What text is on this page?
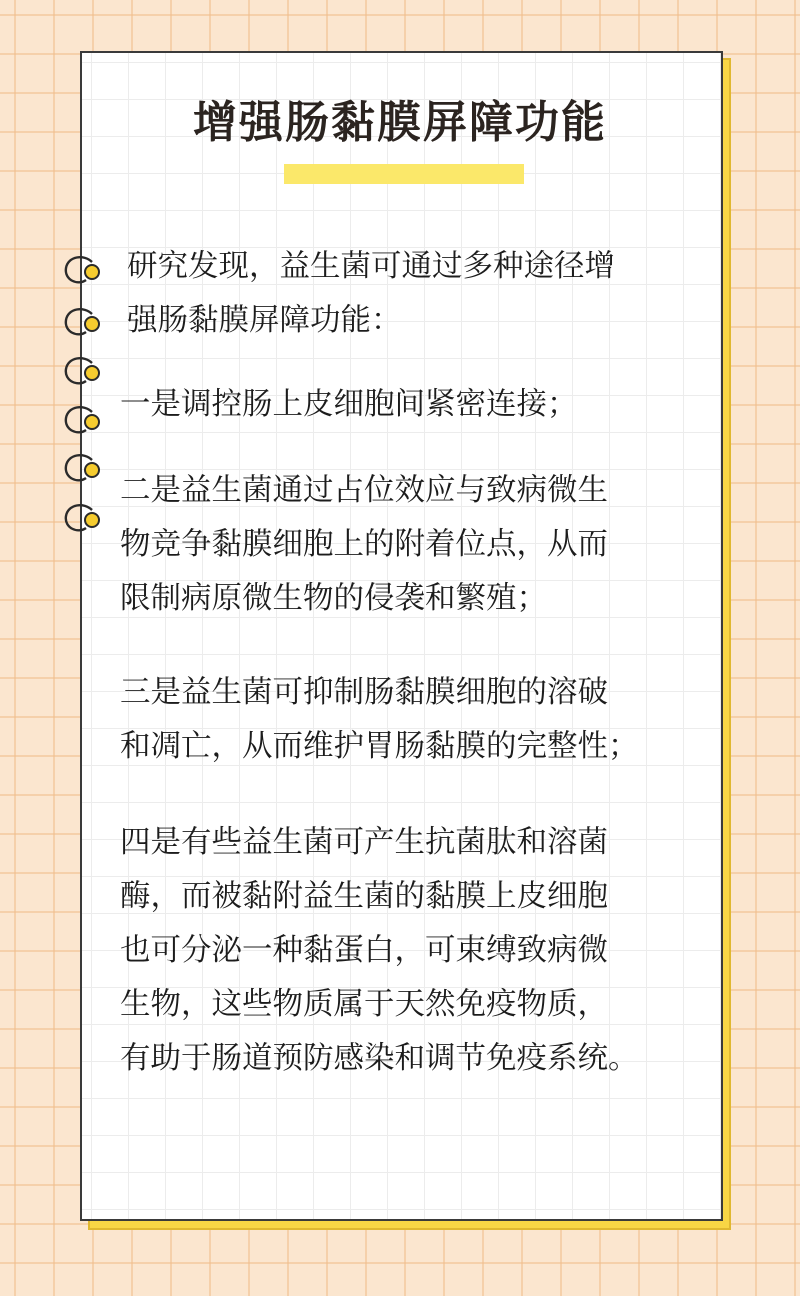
增强肠黏膜屏障功能

研究发现，益生菌可通过多种途径增
强肠黏膜屏障功能：

一是调控肠上皮细胞间紧密连接；

二是益生菌通过占位效应与致病微生
物竞争黏膜细胞上的附着位点，从而
限制病原微生物的侵袭和繁殖；

三是益生菌可抑制肠黏膜细胞的溶破
和凋亡，从而维护胃肠黏膜的完整性；

四是有些益生菌可产生抗菌肽和溶菌
酶，而被黏附益生菌的黏膜上皮细胞
也可分泌一种黏蛋白，可束缚致病微
生物，这些物质属于天然免疫物质，
有助于肠道预防感染和调节免疫系统。
